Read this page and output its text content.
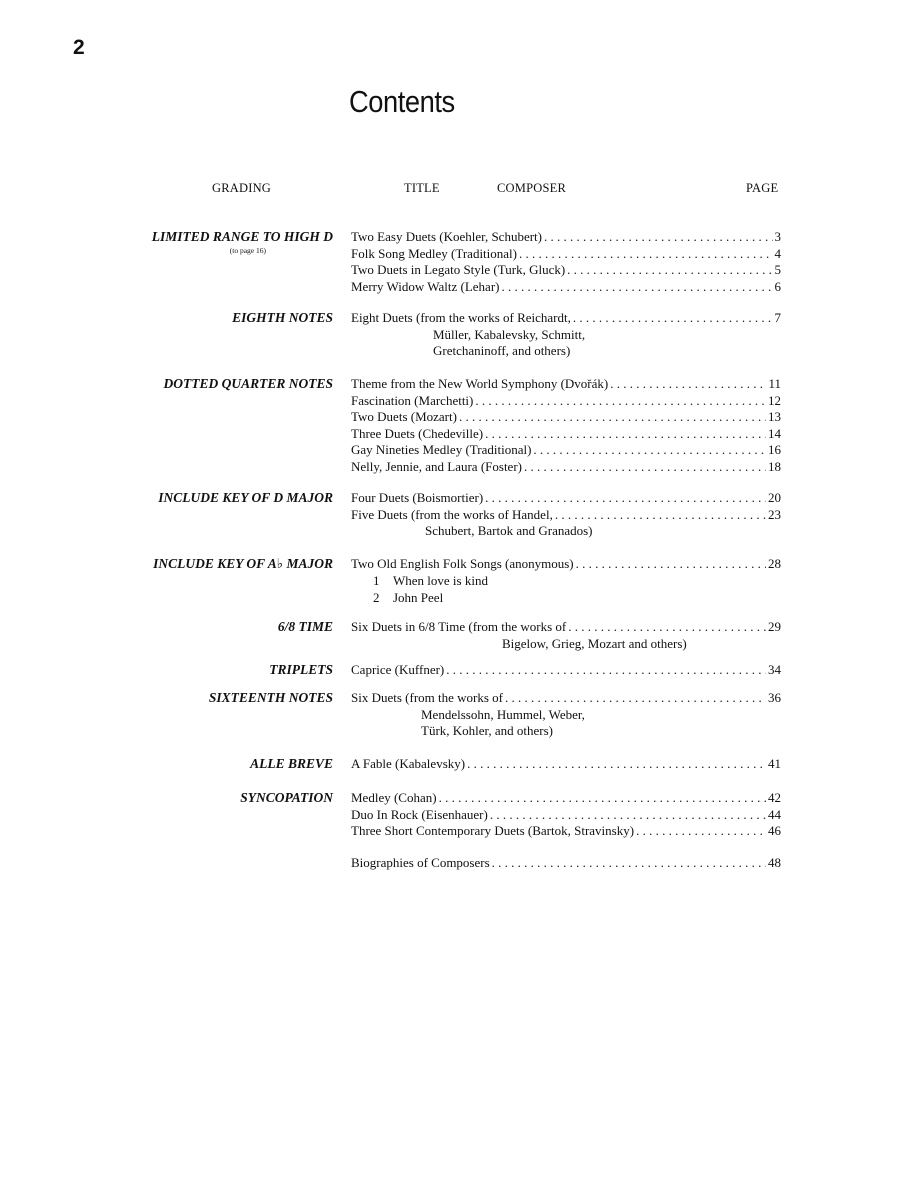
2
Contents
GRADING	TITLE	COMPOSER	PAGE
LIMITED RANGE TO HIGH D
(to page 16)
Two Easy Duets (Koehler, Schubert) . . .	3
Folk Song Medley (Traditional) . . .	4
Two Duets in Legato Style (Turk, Gluck) . . .	5
Merry Widow Waltz (Lehar) . . .	6
EIGHTH NOTES Eight Duets (from the works of Reichardt, . . .	7
Müller, Kabalevsky, Schmitt,
Gretchaninoff, and others)
DOTTED QUARTER NOTES Theme from the New World Symphony (Dvořák) . . .	11
Fascination (Marchetti) . . .	12
Two Duets (Mozart) . . .	13
Three Duets (Chedeville) . . .	14
Gay Nineties Medley (Traditional) . . .	16
Nelly, Jennie, and Laura (Foster) . . .	18
INCLUDE KEY OF D MAJOR Four Duets (Boismortier) . . .	20
Five Duets (from the works of Handel, . . .	23
Schubert, Bartok and Granados)
INCLUDE KEY OF A♭ MAJOR Two Old English Folk Songs (anonymous) . . .	28
1 When love is kind
2 John Peel
6/8 TIME Six Duets in 6/8 Time (from the works of . . .	29
Bigelow, Grieg, Mozart and others)
TRIPLETS Caprice (Kuffner) . . .	34
SIXTEENTH NOTES Six Duets (from the works of . . .	36
Mendelssohn, Hummel, Weber,
Türk, Kohler, and others)
ALLE BREVE A Fable (Kabalevsky) . . .	41
SYNCOPATION Medley (Cohan) . . .	42
Duo In Rock (Eisenhauer) . . .	44
Three Short Contemporary Duets (Bartok, Stravinsky) . . .	46
Biographies of Composers . . .	48
